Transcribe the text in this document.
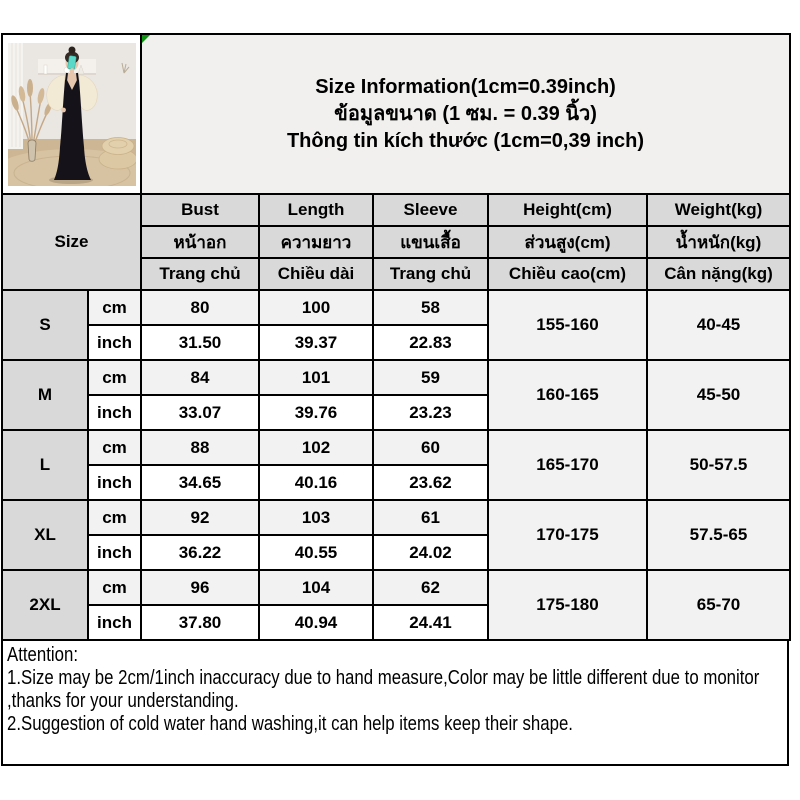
Size Information(1cm=0.39inch)
ข้อมูลขนาด (1 ซม. = 0.39 นิ้ว)
Thông tin kích thước (1cm=0,39 inch)				

Size		Bust	Length	Sleeve	Height(cm)	Weight(kg)
		หน้าอก	ความยาว	แขนเสื้อ	ส่วนสูง(cm)	น้ำหนัก(kg)
		Trang chủ	Chiều dài	Trang chủ	Chiều cao(cm)	Cân nặng(kg)
S	cm	80	100	58	155-160	40-45
	inch	31.50	39.37	22.83		
M	cm	84	101	59	160-165	45-50
	inch	33.07	39.76	23.23		
L	cm	88	102	60	165-170	50-57.5
	inch	34.65	40.16	23.62		
XL	cm	92	103	61	170-175	57.5-65
	inch	36.22	40.55	24.02		
2XL	cm	96	104	62	175-180	65-70
	inch	37.80	40.94	24.41		
Attention:
1.Size may be 2cm/1inch inaccuracy due to hand measure,Color may be little different due to monitor
,thanks for your understanding.
2.Suggestion of cold water hand washing,it can help items keep their shape.
